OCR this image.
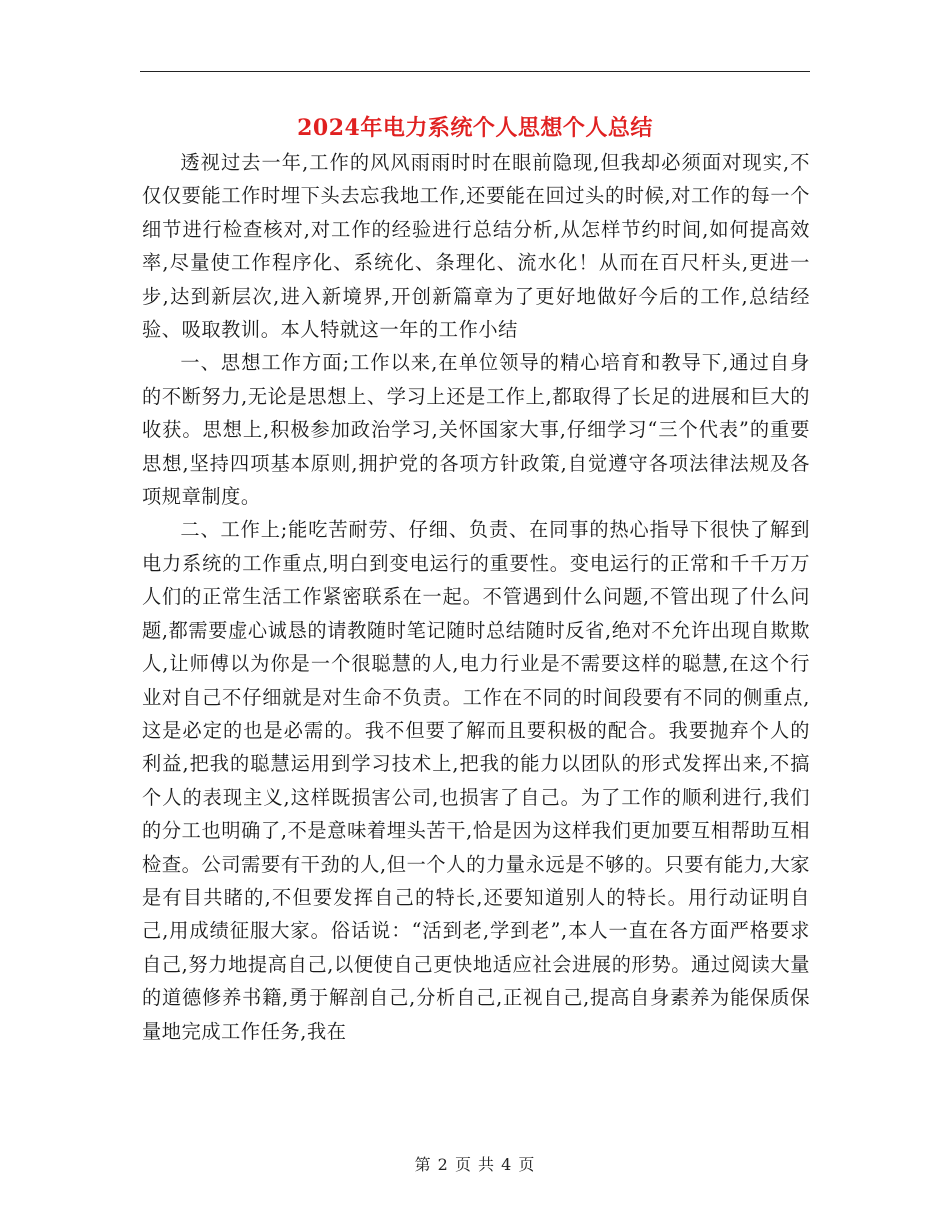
2024年电力系统个人思想个人总结

透视过去一年,工作的风风雨雨时时在眼前隐现,但我却必须面对现实,不仅仅要能工作时埋下头去忘我地工作,还要能在回过头的时候,对工作的每一个细节进行检查核对,对工作的经验进行总结分析,从怎样节约时间,如何提高效率,尽量使工作程序化、系统化、条理化、流水化！从而在百尺杆头,更进一步,达到新层次,进入新境界,开创新篇章为了更好地做好今后的工作,总结经验、吸取教训。本人特就这一年的工作小结

一、思想工作方面;工作以来,在单位领导的精心培育和教导下,通过自身的不断努力,无论是思想上、学习上还是工作上,都取得了长足的进展和巨大的收获。思想上,积极参加政治学习,关怀国家大事,仔细学习“三个代表”的重要思想,坚持四项基本原则,拥护党的各项方针政策,自觉遵守各项法律法规及各项规章制度。

二、工作上;能吃苦耐劳、仔细、负责、在同事的热心指导下很快了解到电力系统的工作重点,明白到变电运行的重要性。变电运行的正常和千千万万人们的正常生活工作紧密联系在一起。不管遇到什么问题,不管出现了什么问题,都需要虚心诚恳的请教随时笔记随时总结随时反省,绝对不允许出现自欺欺人,让师傅以为你是一个很聪慧的人,电力行业是不需要这样的聪慧,在这个行业对自己不仔细就是对生命不负责。工作在不同的时间段要有不同的侧重点,这是必定的也是必需的。我不但要了解而且要积极的配合。我要抛弃个人的利益,把我的聪慧运用到学习技术上,把我的能力以团队的形式发挥出来,不搞个人的表现主义,这样既损害公司,也损害了自己。为了工作的顺利进行,我们的分工也明确了,不是意味着埋头苦干,恰是因为这样我们更加要互相帮助互相检查。公司需要有干劲的人,但一个人的力量永远是不够的。只要有能力,大家是有目共睹的,不但要发挥自己的特长,还要知道别人的特长。用行动证明自己,用成绩征服大家。俗话说：“活到老,学到老”,本人一直在各方面严格要求自己,努力地提高自己,以便使自己更快地适应社会进展的形势。通过阅读大量的道德修养书籍,勇于解剖自己,分析自己,正视自己,提高自身素养为能保质保量地完成工作任务,我在

第 2 页 共 4 页
